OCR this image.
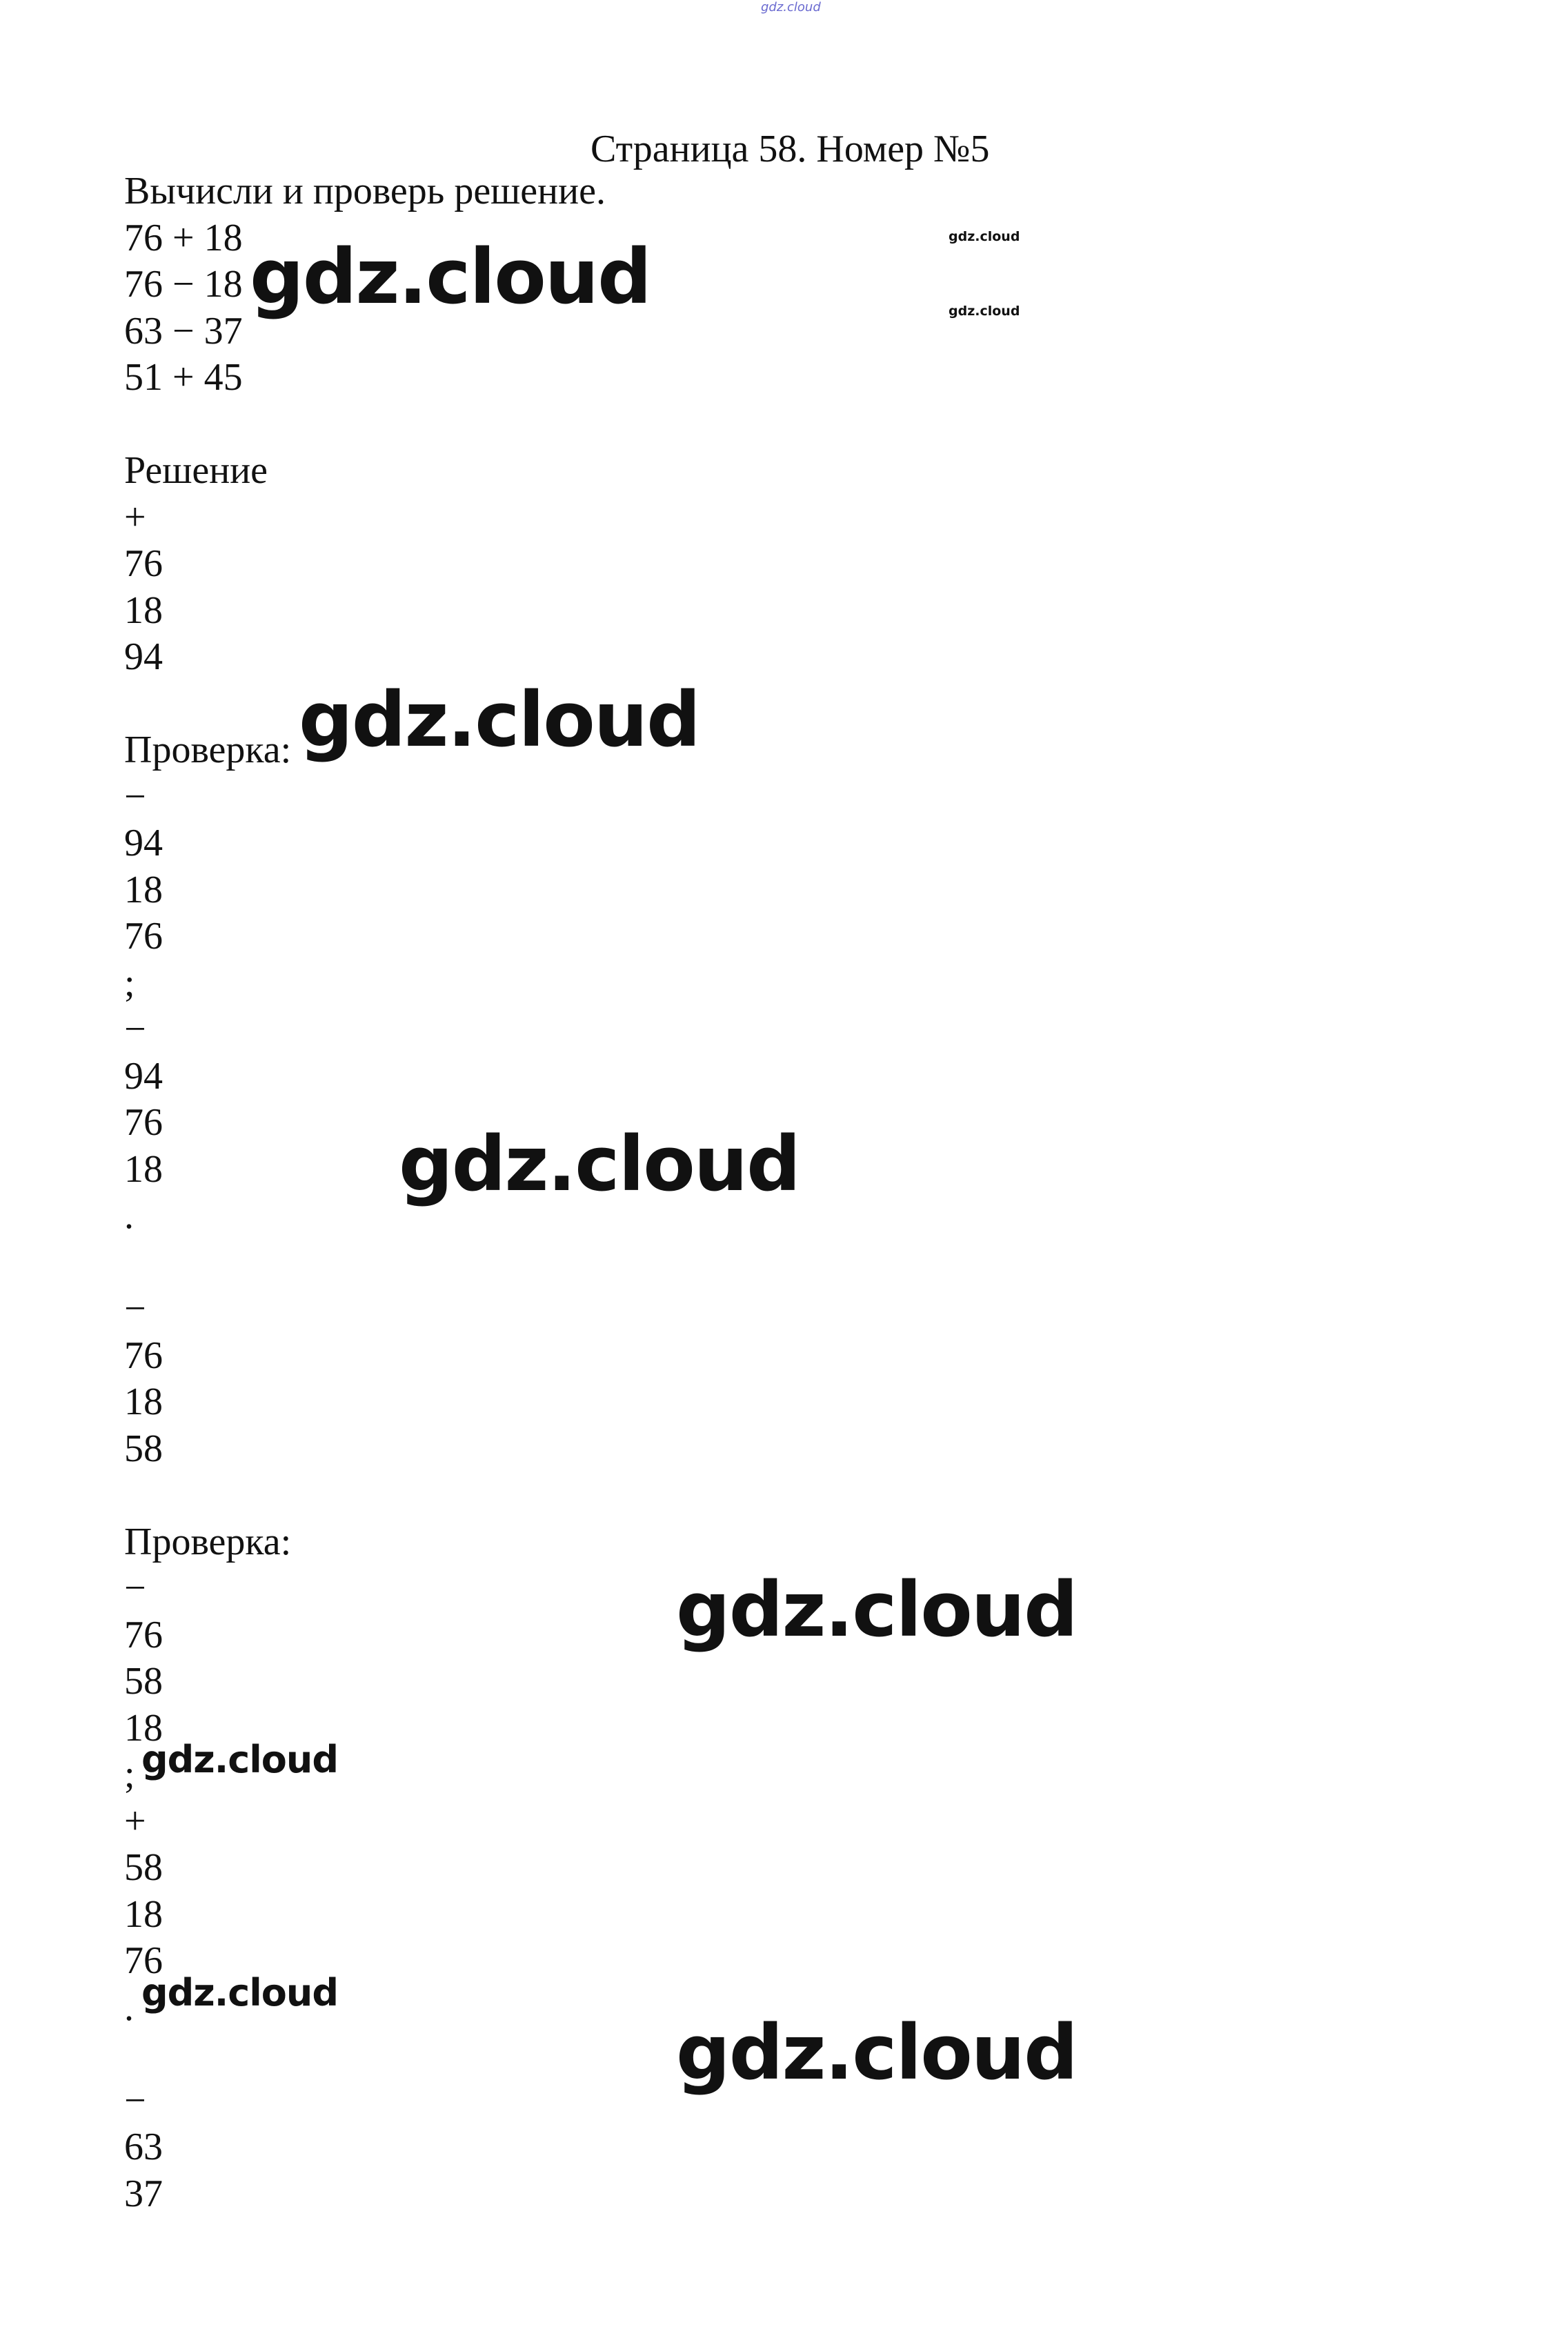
Страница 58. Номер №5
Вычисли и проверь решение.
76 + 18
76 − 18
63 − 37
51 + 45
Решение
+
76
18
94
Проверка:
−
94
18
76
;
−
94
76
18
.
−
76
18
58
Проверка:
−
76
58
18
;
+
58
18
76
.
−
63
37
gdz.cloud
gdz.cloud
gdz.cloud
gdz.cloud
gdz.cloud
gdz.cloud
gdz.cloud
gdz.cloud
gdz.cloud
gdz.cloud
